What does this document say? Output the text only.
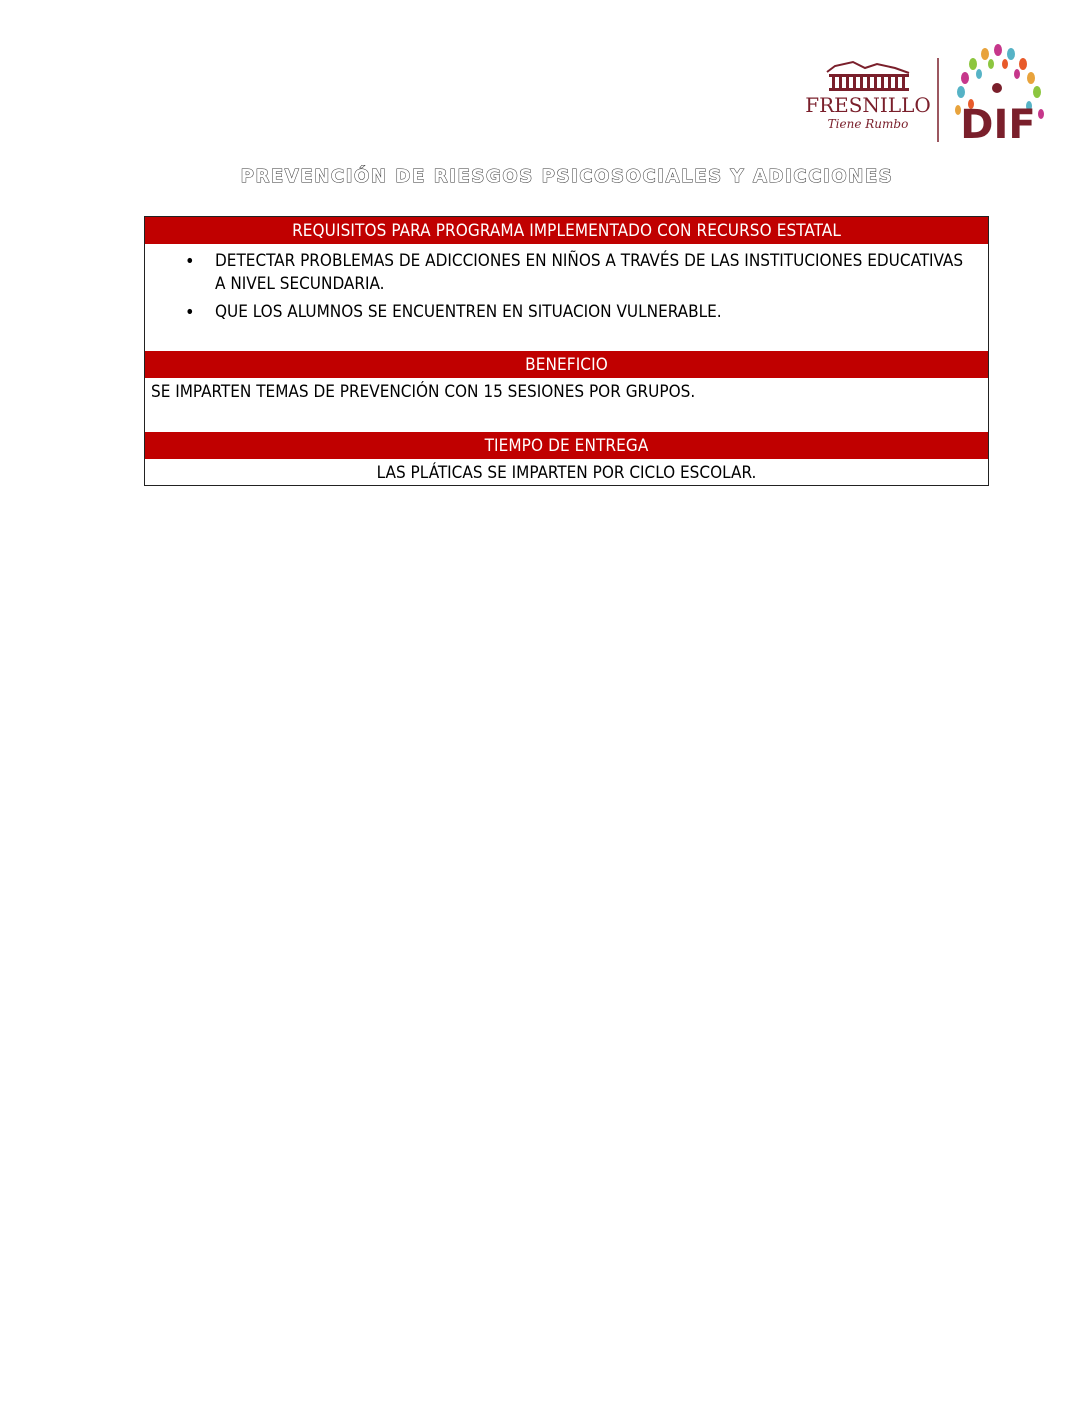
FRESNILLO
Tiene Rumbo DIF
PREVENCIÓN DE RIESGOS PSICOSOCIALES Y ADICCIONES
REQUISITOS PARA PROGRAMA IMPLEMENTADO CON RECURSO ESTATAL
• DETECTAR PROBLEMAS DE ADICCIONES EN NIÑOS A TRAVÉS DE LAS INSTITUCIONES EDUCATIVAS A NIVEL SECUNDARIA.
• QUE LOS ALUMNOS SE ENCUENTREN EN SITUACION VULNERABLE.
BENEFICIO
SE IMPARTEN TEMAS DE PREVENCIÓN CON 15 SESIONES POR GRUPOS.
TIEMPO DE ENTREGA
LAS PLÁTICAS SE IMPARTEN POR CICLO ESCOLAR.
